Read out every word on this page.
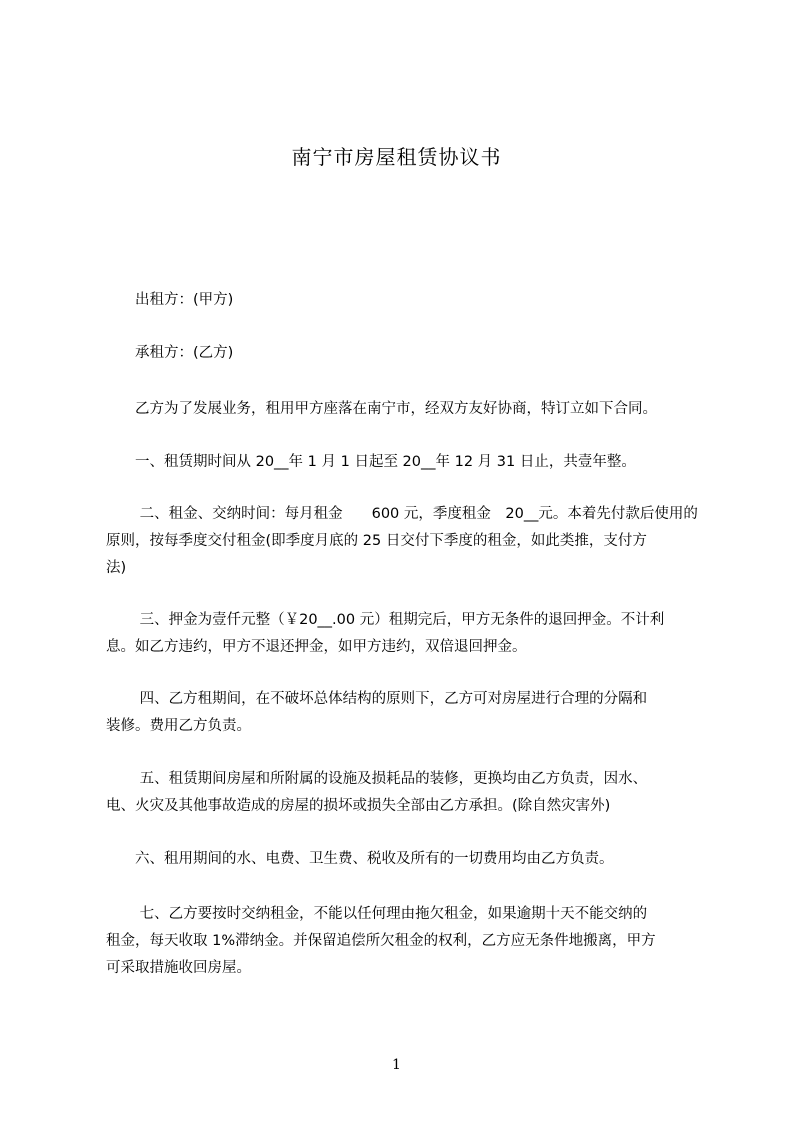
南宁市房屋租赁协议书
　　出租方：(甲方)
　　承租方：(乙方)
　　乙方为了发展业务，租用甲方座落在南宁市，经双方友好协商，特订立如下合同。
　　一、租赁期时间从 20__年 1 月 1 日起至 20__年 12 月 31 日止，共壹年整。
　　 二、租金、交纳时间：每月租金　　600 元，季度租金　20__元。本着先付款后使用的
原则，按每季度交付租金(即季度月底的 25 日交付下季度的租金，如此类推，支付方
法)
　　 三、押金为壹仟元整（￥20__.00 元）租期完后，甲方无条件的退回押金。不计利
息。如乙方违约，甲方不退还押金，如甲方违约，双倍退回押金。
　　 四、乙方租期间，在不破坏总体结构的原则下，乙方可对房屋进行合理的分隔和
装修。费用乙方负责。
　　 五、租赁期间房屋和所附属的设施及损耗品的装修，更换均由乙方负责，因水、
电、火灾及其他事故造成的房屋的损坏或损失全部由乙方承担。(除自然灾害外)
　　六、租用期间的水、电费、卫生费、税收及所有的一切费用均由乙方负责。
　　 七、乙方要按时交纳租金，不能以任何理由拖欠租金，如果逾期十天不能交纳的
租金，每天收取 1%滞纳金。并保留追偿所欠租金的权利，乙方应无条件地搬离，甲方
可采取措施收回房屋。
1
